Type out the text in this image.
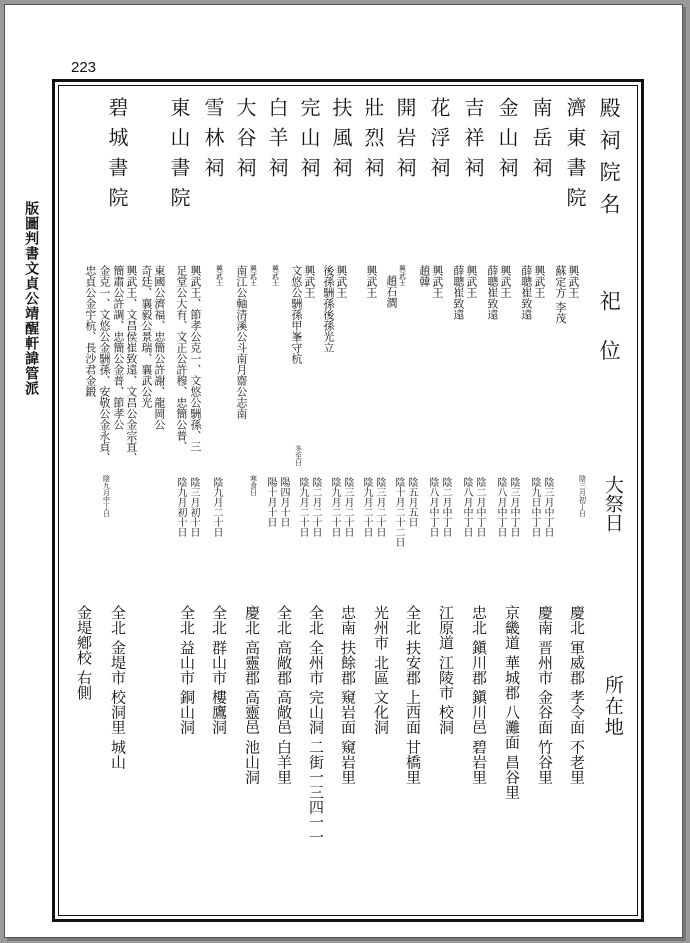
223
版圖判書文貞公靖醒軒諱管派
殿祠院名
祀 位
大祭日
所在地
陰三月初丁日
濟東書院
興武王
蘇定方 李茂
慶北 軍威郡 孝令面 不老里
南岳祠
興武王
薛聰崔致遠
陰三月中丁日
陰九日中丁日
慶南 晋州市 金谷面 竹谷里
金山祠
興武王
薛聰崔致遠
陰三月中丁日
陰八月中丁日
京畿道 華城郡 八灘面 昌谷里
吉祥祠
興武王
薛聰崔致遠
陰二月中丁日
陰八月中丁日
忠北 鎭川郡 鎭川邑 碧岩里
花浮祠
興武王
趙韓
陰二月中丁日
陰八月中丁日
江原道 江陵市 校洞
開岩祠
興武王
趙石澗
陰五月五日
陰十月二十二日
全北 扶安郡 上西面 甘橋里
壯烈祠
興武王
陰三月二十日
陰九月二十日
光州市 北區 文化洞
扶風祠
興武王
後孫駲孫後孫光立
陰三月二十日
陰九月二十日
忠南 扶餘郡 窺岩面 窺岩里
完山祠
興武王
文悠公駲孫甲峯守杭
陰二月二十日
陰九月二十日
全北 全州市 完山洞 二街一三四一一
白羊祠
興武王
冬至日
陽四月十日
陽十月十日
全北 高敞郡 高敞邑 白羊里
大谷祠
興武王
南江公軸清溪公斗南月齋公志南
寒食日
慶北 高靈郡 高靈邑 池山洞
雪林祠
興武王
陰九月二十日
全北 群山市 樓鷹洞
東山書院
興武王、節孝公克一、文悠公駲孫、三
足堂公大有、文正公許穆、忠簡公普、
陰三月初十日
陰九月初十日
全北 益山市 銅山洞
碧城書院
東國公濟福、忠簡公許謝、龍岡公
奇廷、襄毅公景瑞、襄武公光
興武王、文昌侯崔致遠、文昌公金宗直、
簡肅公許調、忠簡公金普、節孝公
金克一、文悠公金駲孫、安敬公金永貞、
忠貞公金宇杭、長沙君金鍛
陰九月中丁日
全北 金堤市 校洞里 城山
金堤鄕校 右側
